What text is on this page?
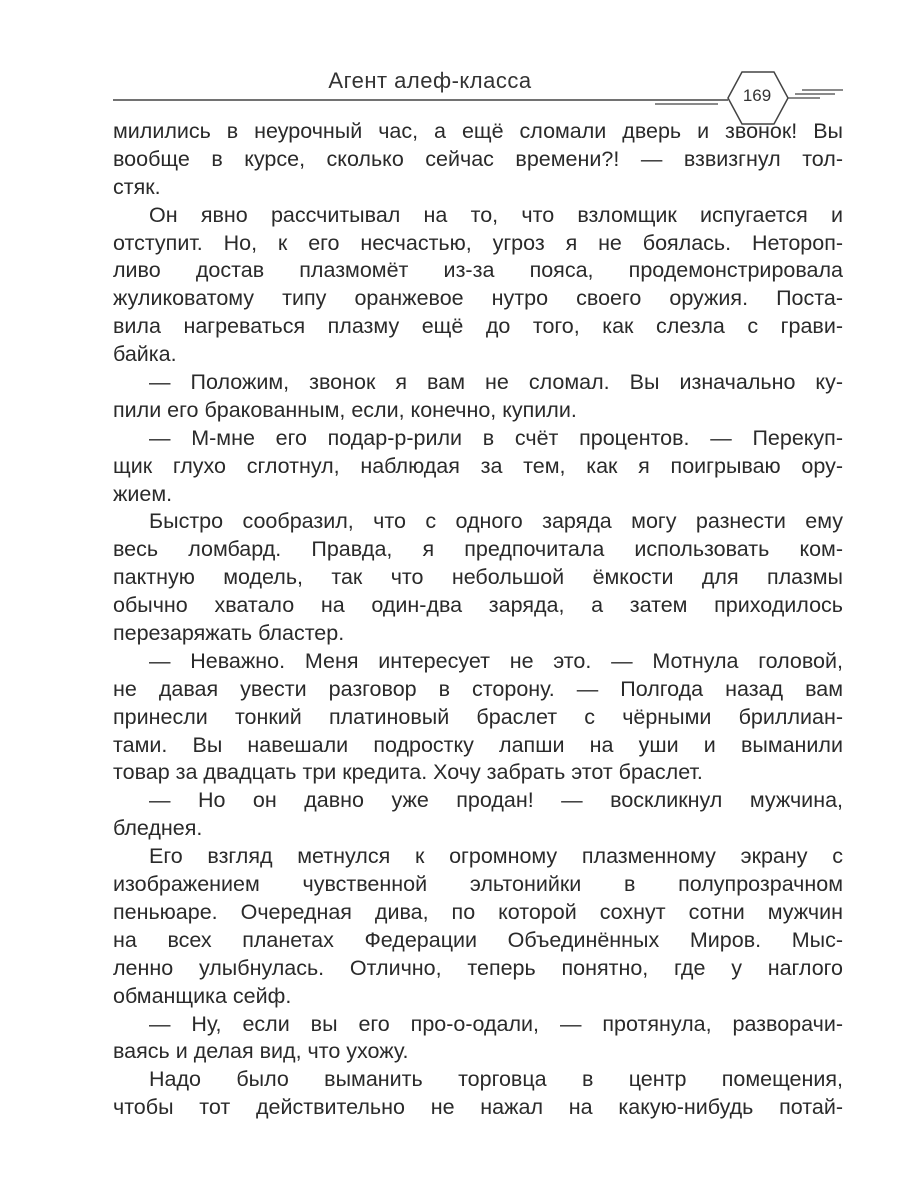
Агент алеф-класса
169
милились в неурочный час, а ещё сломали дверь и звонок! Вы
вообще в курсе, сколько сейчас времени?! — взвизгнул тол-
стяк.
Он явно рассчитывал на то, что взломщик испугается и
отступит. Но, к его несчастью, угроз я не боялась. Нетороп-
ливо достав плазмомёт из-за пояса, продемонстрировала
жуликоватому типу оранжевое нутро своего оружия. Поста-
вила нагреваться плазму ещё до того, как слезла с грави-
байка.
— Положим, звонок я вам не сломал. Вы изначально ку-
пили его бракованным, если, конечно, купили.
— М-мне его подар-р-рили в счёт процентов. — Перекуп-
щик глухо сглотнул, наблюдая за тем, как я поигрываю ору-
жием.
Быстро сообразил, что с одного заряда могу разнести ему
весь ломбард. Правда, я предпочитала использовать ком-
пактную модель, так что небольшой ёмкости для плазмы
обычно хватало на один-два заряда, а затем приходилось
перезаряжать бластер.
— Неважно. Меня интересует не это. — Мотнула головой,
не давая увести разговор в сторону. — Полгода назад вам
принесли тонкий платиновый браслет с чёрными бриллиан-
тами. Вы навешали подростку лапши на уши и выманили
товар за двадцать три кредита. Хочу забрать этот браслет.
— Но он давно уже продан! — воскликнул мужчина,
бледнея.
Его взгляд метнулся к огромному плазменному экрану с
изображением чувственной эльтонийки в полупрозрачном
пеньюаре. Очередная дива, по которой сохнут сотни мужчин
на всех планетах Федерации Объединённых Миров. Мыс-
ленно улыбнулась. Отлично, теперь понятно, где у наглого
обманщика сейф.
— Ну, если вы его про-о-одали, — протянула, разворачи-
ваясь и делая вид, что ухожу.
Надо было выманить торговца в центр помещения,
чтобы тот действительно не нажал на какую-нибудь потай-
